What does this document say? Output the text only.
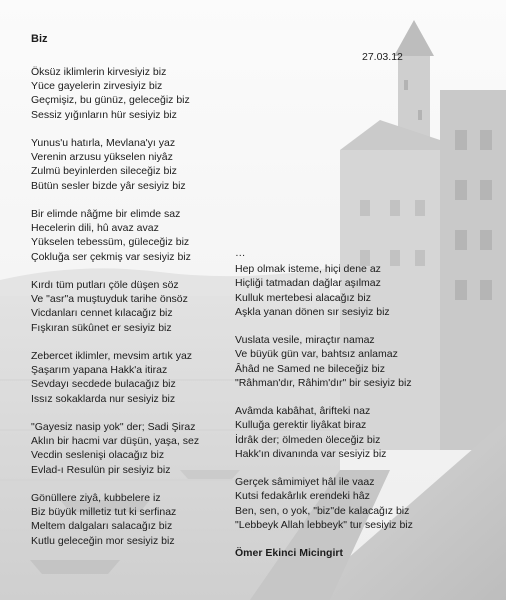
Biz
27.03.12
Öksüz iklimlerin kirvesiyiz biz
Yüce gayelerin zirvesiyiz biz
Geçmişiz, bu günüz, geleceğiz biz
Sessiz yığınların hür sesiyiz biz
Yunus'u hatırla, Mevlana'yı yaz
Verenin arzusu yükselen niyâz
Zulmü beyinlerden sileceğiz biz
Bütün sesler bizde yâr sesiyiz biz
Bir elimde nâğme bir elimde saz
Hecelerin dili, hû avaz avaz
Yükselen tebessüm, güleceğiz biz
Çokluğa ser çekmiş var sesiyiz biz
Kırdı tüm putları çöle düşen söz
Ve "asr"a muştuyduk tarihe önsöz
Vicdanları cennet kılacağız biz
Fışkıran sükûnet er sesiyiz biz
Zebercet iklimler, mevsim artık yaz
Şaşarım yapana Hakk'a itiraz
Sevdayı secdede bulacağız biz
Issız sokaklarda nur sesiyiz biz
"Gayesiz nasip yok" der; Sadi Şiraz
Aklın bir hacmi var düşün, yaşa, sez
Vecdin seslenişi olacağız biz
Evlad-ı Resulün pir sesiyiz biz
Gönüllere ziyâ, kubbelere iz
Biz büyük milletiz tut ki serfinaz
Meltem dalgaları salacağız biz
Kutlu geleceğin mor sesiyiz biz
…
Hep olmak isteme, hiçi dene az
Hiçliği tatmadan dağlar aşılmaz
Kulluk mertebesi alacağız biz
Aşkla yanan dönen sır sesiyiz biz
Vuslata vesile, miraçtır namaz
Ve büyük gün var, bahtsız anlamaz
Âhâd ne Samed ne bileceğiz biz
"Râhman'dır, Râhim'dır" bir sesiyiz biz
Avâmda kabâhat, ârifteki naz
Kulluğa gerektir liyâkat biraz
İdrâk der; ölmeden öleceğiz biz
Hakk'ın divanında var sesiyiz biz
Gerçek sâmimiyet hâl ile vaaz
Kutsi fedakârlık erendeki hâz
Ben, sen, o yok, "biz"de kalacağız biz
"Lebbeyk Allah lebbeyk" tur sesiyiz biz
Ömer Ekinci Micingirt
